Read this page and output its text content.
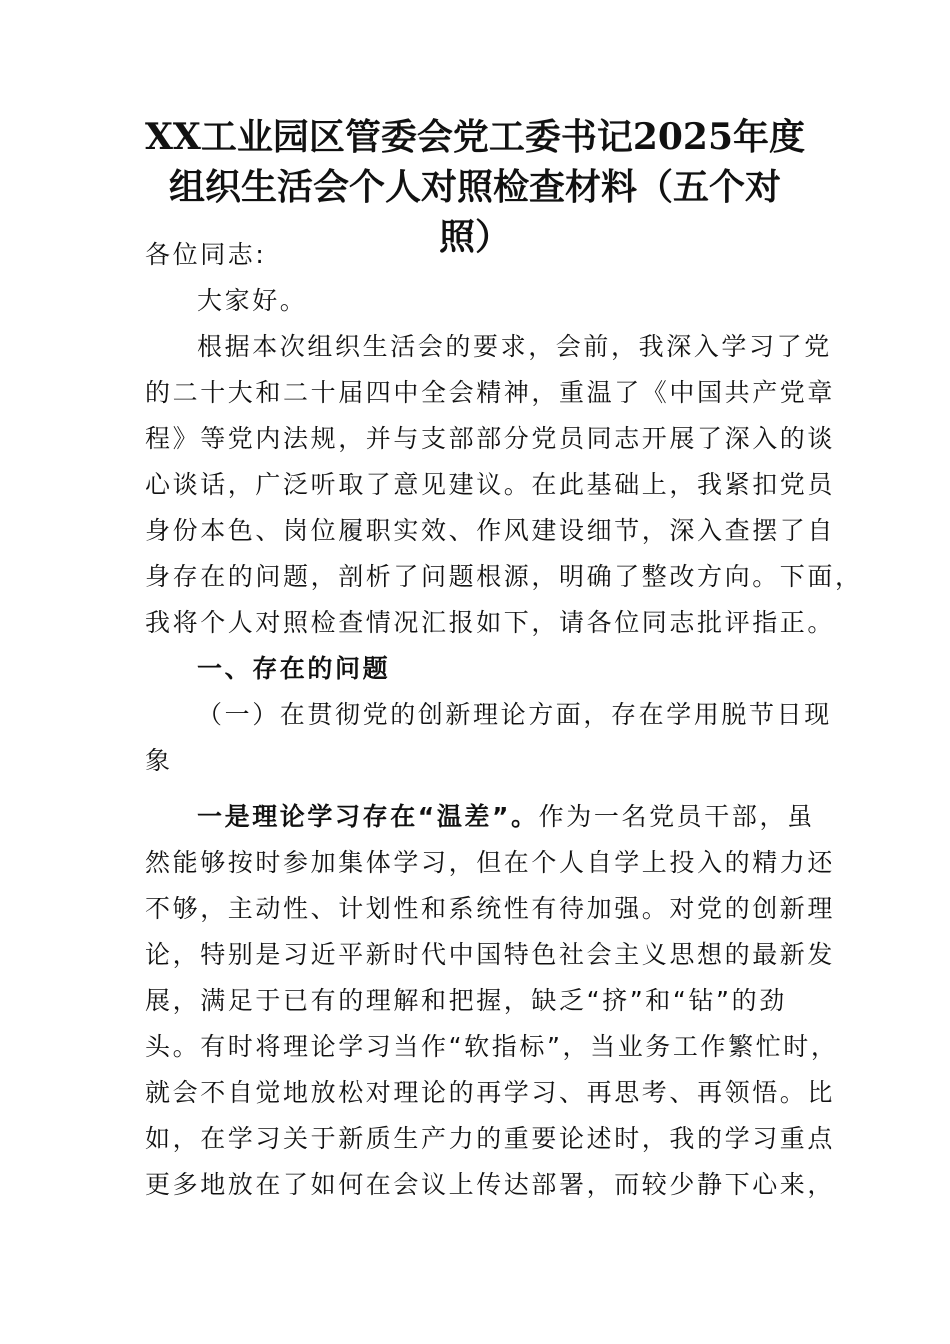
XX工业园区管委会党工委书记2025年度
组织生活会个人对照检查材料（五个对
照）

各位同志:

大家好。

根据本次组织生活会的要求，会前，我深入学习了党

的二十大和二十届四中全会精神，重温了《中国共产党章

程》等党内法规，并与支部部分党员同志开展了深入的谈

心谈话，广泛听取了意见建议。在此基础上，我紧扣党员

身份本色、岗位履职实效、作风建设细节，深入查摆了自

身存在的问题，剖析了问题根源，明确了整改方向。下面，

我将个人对照检查情况汇报如下，请各位同志批评指正。

一、存在的问题

（一）在贯彻党的创新理论方面，存在学用脱节日现

象

一是理论学习存在“温差”。作为一名党员干部，虽

然能够按时参加集体学习，但在个人自学上投入的精力还

不够，主动性、计划性和系统性有待加强。对党的创新理

论，特别是习近平新时代中国特色社会主义思想的最新发

展，满足于已有的理解和把握，缺乏“挤”和“钻”的劲

头。有时将理论学习当作“软指标”，当业务工作繁忙时，

就会不自觉地放松对理论的再学习、再思考、再领悟。比

如，在学习关于新质生产力的重要论述时，我的学习重点

更多地放在了如何在会议上传达部署，而较少静下心来，
